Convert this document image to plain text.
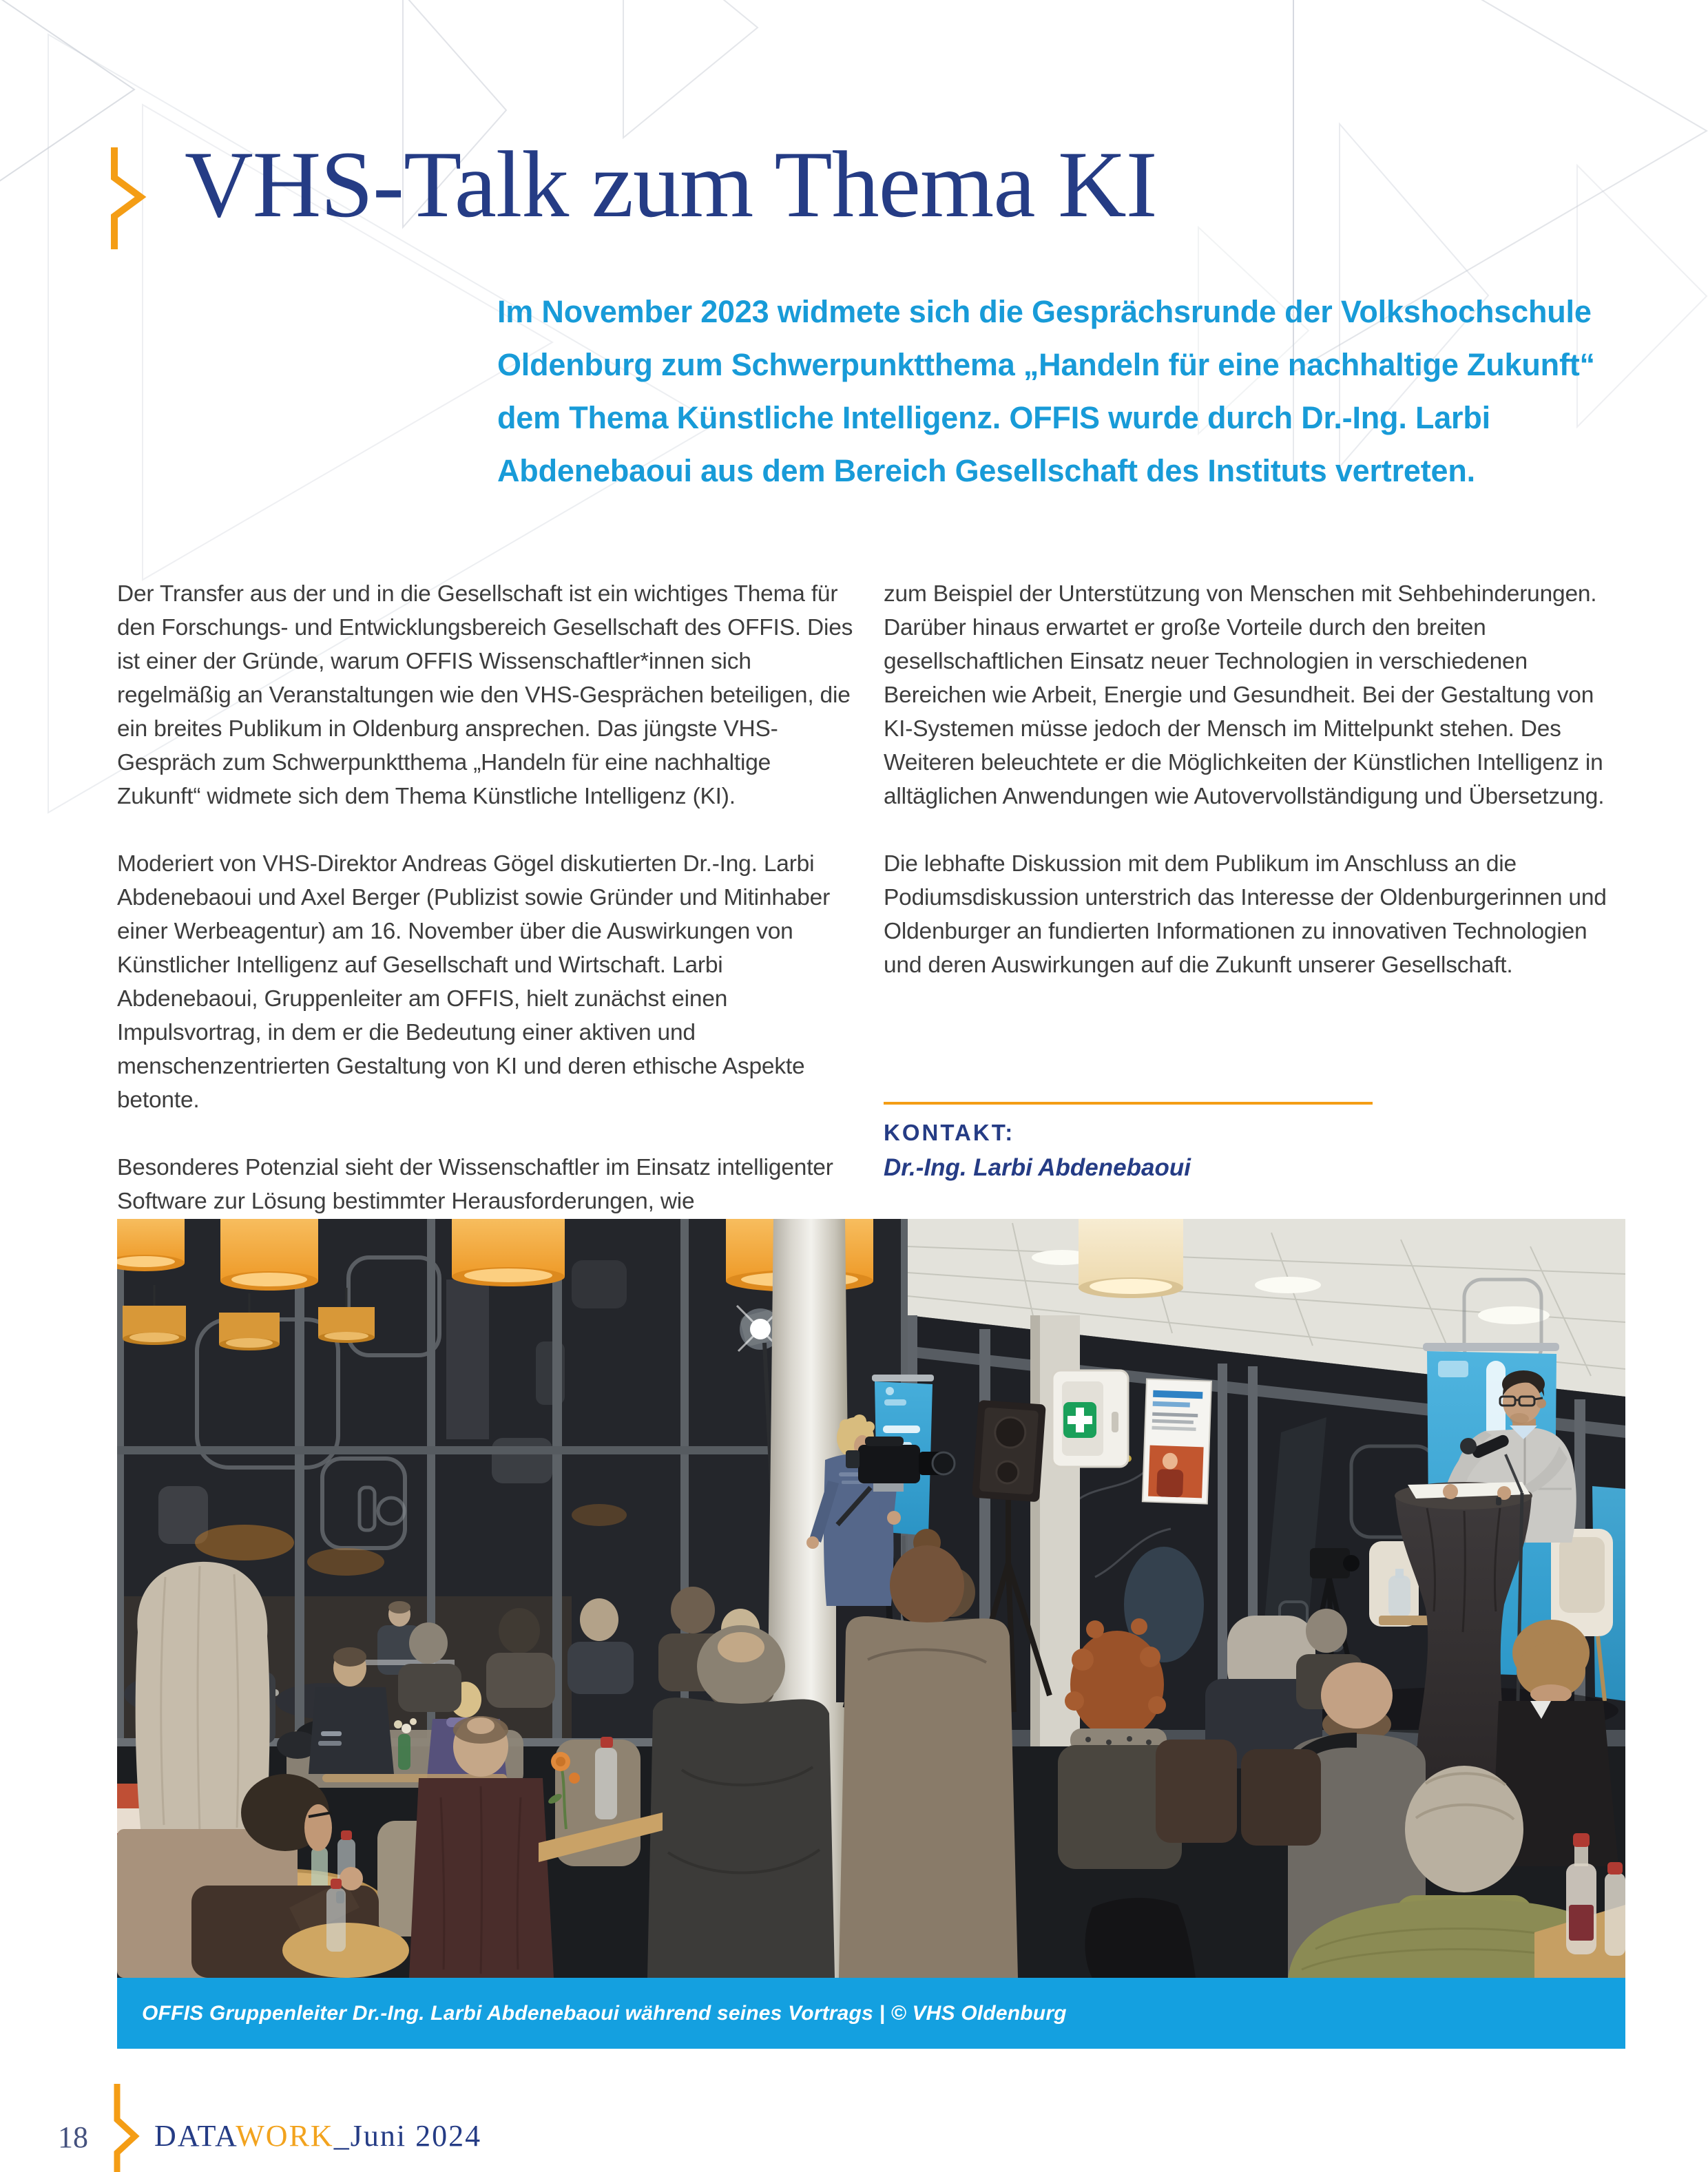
VHS-Talk zum Thema KI
Im November 2023 widmete sich die Gesprächsrunde der Volkshochschule Oldenburg zum Schwerpunktthema „Handeln für eine nachhaltige Zukunft“ dem Thema Künstliche Intelligenz. OFFIS wurde durch Dr.-Ing. Larbi Abdenebaoui aus dem Bereich Gesellschaft des Instituts vertreten.

Der Transfer aus der und in die Gesellschaft ist ein wichtiges Thema für den Forschungs- und Entwicklungsbereich Gesellschaft des OFFIS. Dies ist einer der Gründe, warum OFFIS Wissenschaftler*innen sich regelmäßig an Veranstaltungen wie den VHS-Gesprächen beteiligen, die ein breites Publikum in Oldenburg ansprechen. Das jüngste VHS-Gespräch zum Schwerpunktthema „Handeln für eine nachhaltige Zukunft“ widmete sich dem Thema Künstliche Intelligenz (KI).

Moderiert von VHS-Direktor Andreas Gögel diskutierten Dr.-Ing. Larbi Abdenebaoui und Axel Berger (Publizist sowie Gründer und Mitinhaber einer Werbeagentur) am 16. November über die Auswirkungen von Künstlicher Intelligenz auf Gesellschaft und Wirtschaft. Larbi Abdenebaoui, Gruppenleiter am OFFIS, hielt zunächst einen Impulsvortrag, in dem er die Bedeutung einer aktiven und menschenzentrierten Gestaltung von KI und deren ethische Aspekte betonte.

Besonderes Potenzial sieht der Wissenschaftler im Einsatz intelligenter Software zur Lösung bestimmter Herausforderungen, wie

zum Beispiel der Unterstützung von Menschen mit Sehbehinderungen. Darüber hinaus erwartet er große Vorteile durch den breiten gesellschaftlichen Einsatz neuer Technologien in verschiedenen Bereichen wie Arbeit, Energie und Gesundheit. Bei der Gestaltung von KI-Systemen müsse jedoch der Mensch im Mittelpunkt stehen. Des Weiteren beleuchtete er die Möglichkeiten der Künstlichen Intelligenz in alltäglichen Anwendungen wie Autovervollständigung und Übersetzung.

Die lebhafte Diskussion mit dem Publikum im Anschluss an die Podiumsdiskussion unterstrich das Interesse der Oldenburgerinnen und Oldenburger an fundierten Informationen zu innovativen Technologien und deren Auswirkungen auf die Zukunft unserer Gesellschaft.

KONTAKT:
Dr.-Ing. Larbi Abdenebaoui
OFFIS Gruppenleiter Dr.-Ing. Larbi Abdenebaoui während seines Vortrags | © VHS Oldenburg
18 DATAWORK_Juni 2024
